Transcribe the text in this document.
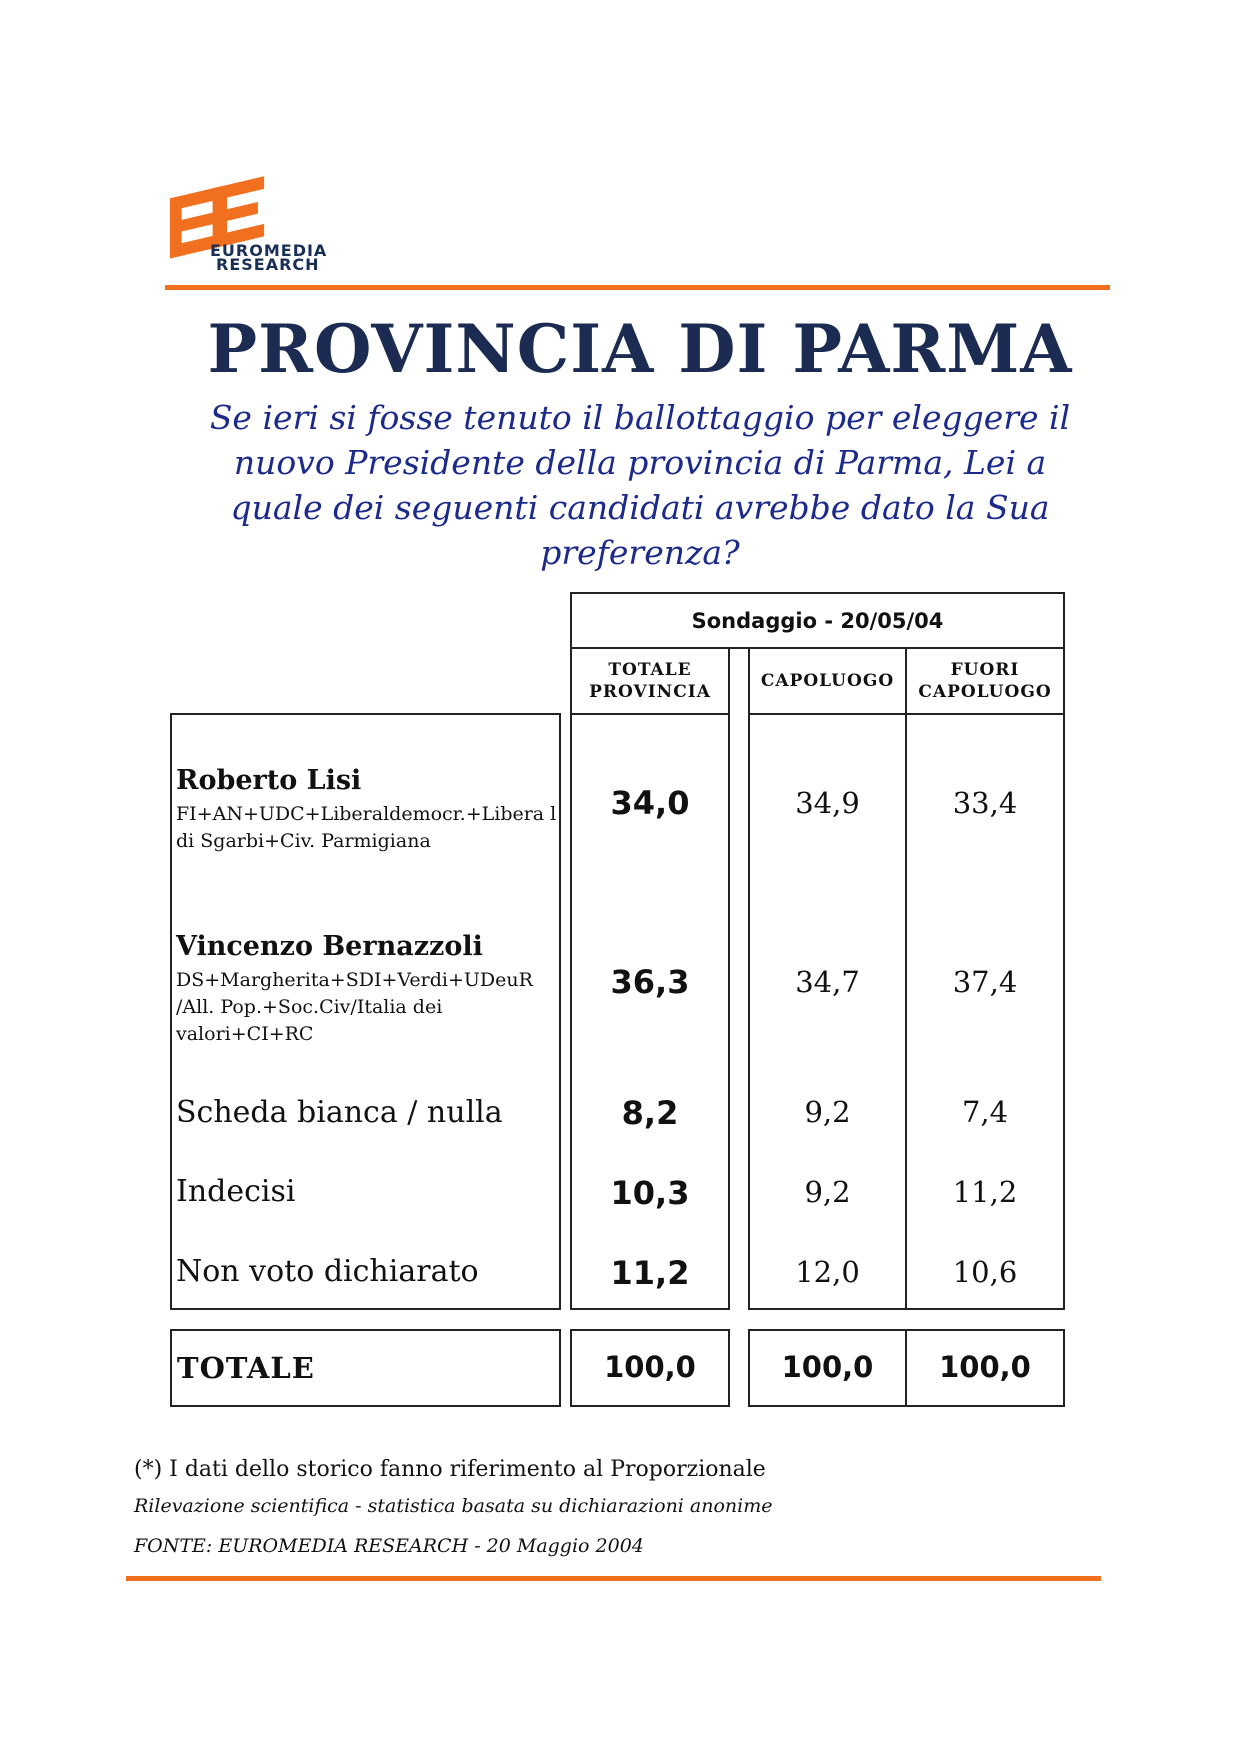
EUROMEDIA
RESEARCH
PROVINCIA DI PARMA
Se ieri si fosse tenuto il ballottaggio per eleggere il nuovo Presidente della provincia di Parma, Lei a quale dei seguenti candidati avrebbe dato la Sua preferenza?
Sondaggio - 20/05/04
TOTALE PROVINCIA
CAPOLUOGO
FUORI CAPOLUOGO
Roberto Lisi
FI+AN+UDC+Liberaldemocr.+Libera l di Sgarbi+Civ. Parmigiana
34,0	34,9	33,4
Vincenzo Bernazzoli
DS+Margherita+SDI+Verdi+UDeuR /All. Pop.+Soc.Civ/Italia dei valori+CI+RC
36,3	34,7	37,4
Scheda bianca / nulla	8,2	9,2	7,4
Indecisi	10,3	9,2	11,2
Non voto dichiarato	11,2	12,0	10,6
TOTALE	100,0	100,0	100,0
(*) I dati dello storico fanno riferimento al Proporzionale
Rilevazione scientifica - statistica basata su dichiarazioni anonime
FONTE: EUROMEDIA RESEARCH - 20 Maggio 2004
